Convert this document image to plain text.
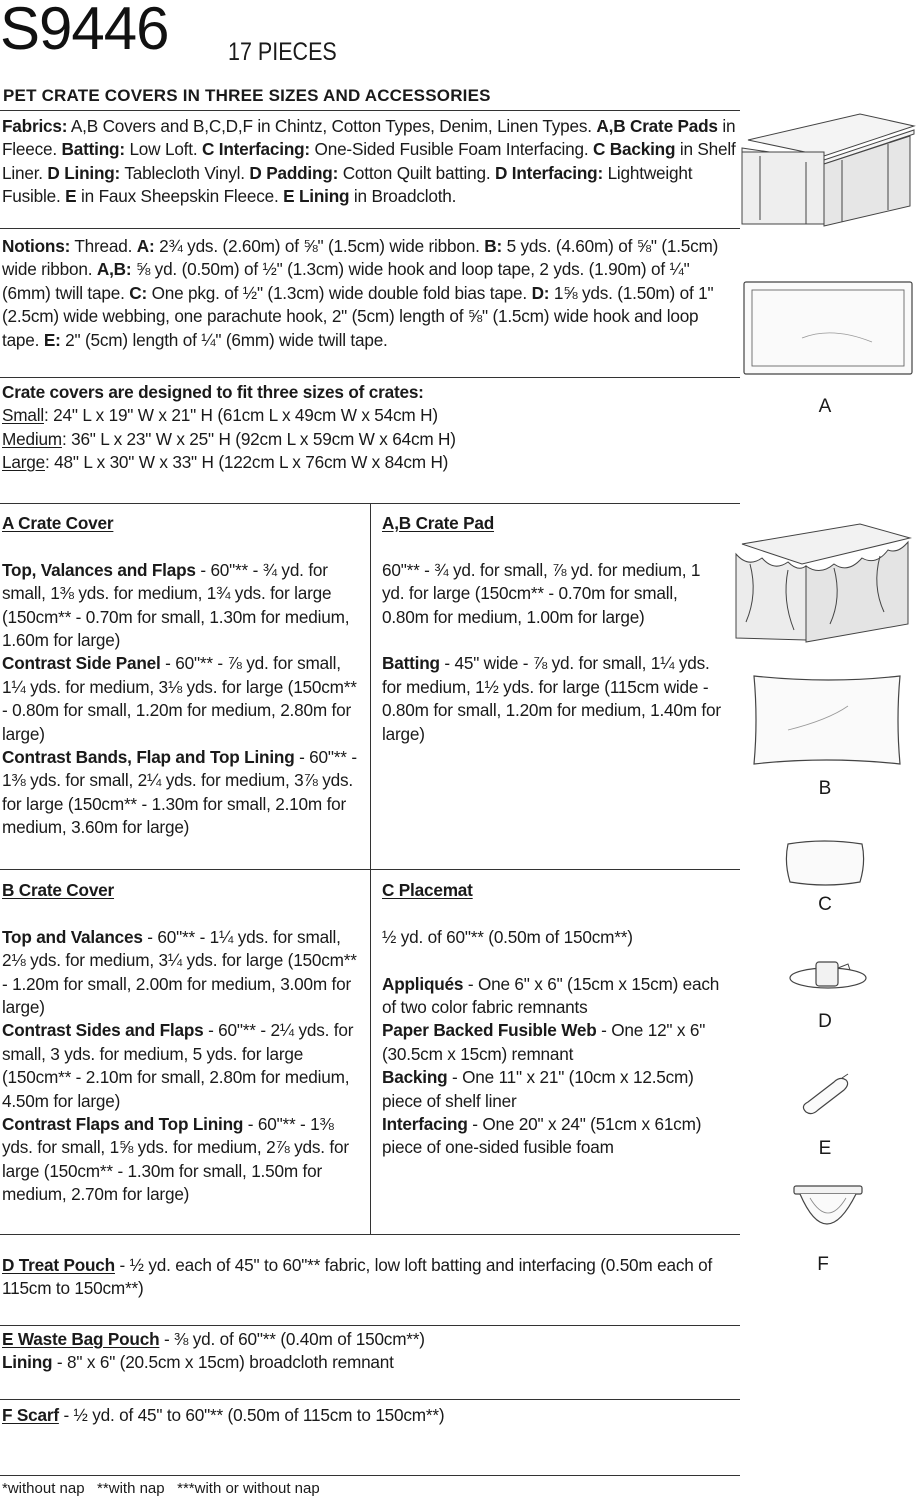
S9446 17 PIECES
PET CRATE COVERS IN THREE SIZES AND ACCESSORIES

Fabrics: A,B Covers and B,C,D,F in Chintz, Cotton Types, Denim, Linen Types. A,B Crate Pads in Fleece. Batting: Low Loft. C Interfacing: One-Sided Fusible Foam Interfacing. C Backing in Shelf Liner. D Lining: Tablecloth Vinyl. D Padding: Cotton Quilt batting. D Interfacing: Lightweight Fusible. E in Faux Sheepskin Fleece. E Lining in Broadcloth.

Notions: Thread. A: 2¾ yds. (2.60m) of ⅝" (1.5cm) wide ribbon. B: 5 yds. (4.60m) of ⅝" (1.5cm) wide ribbon. A,B: ⅝ yd. (0.50m) of ½" (1.3cm) wide hook and loop tape, 2 yds. (1.90m) of ¼" (6mm) twill tape. C: One pkg. of ½" (1.3cm) wide double fold bias tape. D: 1⅝ yds. (1.50m) of 1" (2.5cm) wide webbing, one parachute hook, 2" (5cm) length of ⅝" (1.5cm) wide hook and loop tape. E: 2" (5cm) length of ¼" (6mm) wide twill tape.

Crate covers are designed to fit three sizes of crates:
Small: 24" L x 19" W x 21" H (61cm L x 49cm W x 54cm H)
Medium: 36" L x 23" W x 25" H (92cm L x 59cm W x 64cm H)
Large: 48" L x 30" W x 33" H (122cm L x 76cm W x 84cm H)
A Crate Cover
Top, Valances and Flaps - 60"** - ¾ yd. for small, 1⅜ yds. for medium, 1¾ yds. for large (150cm** - 0.70m for small, 1.30m for medium, 1.60m for large)
Contrast Side Panel - 60"** - ⅞ yd. for small, 1¼ yds. for medium, 3⅛ yds. for large (150cm** - 0.80m for small, 1.20m for medium, 2.80m for large)
Contrast Bands, Flap and Top Lining - 60"** - 1⅜ yds. for small, 2¼ yds. for medium, 3⅞ yds. for large (150cm** - 1.30m for small, 2.10m for medium, 3.60m for large)
A,B Crate Pad
60"** - ¾ yd. for small, ⅞ yd. for medium, 1 yd. for large (150cm** - 0.70m for small, 0.80m for medium, 1.00m for large)
Batting - 45" wide - ⅞ yd. for small, 1¼ yds. for medium, 1½ yds. for large (115cm wide - 0.80m for small, 1.20m for medium, 1.40m for large)
B Crate Cover
Top and Valances - 60"** - 1¼ yds. for small, 2⅛ yds. for medium, 3¼ yds. for large (150cm** - 1.20m for small, 2.00m for medium, 3.00m for large)
Contrast Sides and Flaps - 60"** - 2¼ yds. for small, 3 yds. for medium, 5 yds. for large (150cm** - 2.10m for small, 2.80m for medium, 4.50m for large)
Contrast Flaps and Top Lining - 60"** - 1⅜ yds. for small, 1⅝ yds. for medium, 2⅞ yds. for large (150cm** - 1.30m for small, 1.50m for medium, 2.70m for large)
C Placemat
½ yd. of 60"** (0.50m of 150cm**)
Appliqués - One 6" x 6" (15cm x 15cm) each of two color fabric remnants
Paper Backed Fusible Web - One 12" x 6" (30.5cm x 15cm) remnant
Backing - One 11" x 21" (10cm x 12.5cm) piece of shelf liner
Interfacing - One 20" x 24" (51cm x 61cm) piece of one-sided fusible foam
D Treat Pouch - ½ yd. each of 45" to 60"** fabric, low loft batting and interfacing (0.50m each of 115cm to 150cm**)
E Waste Bag Pouch - ⅜ yd. of 60"** (0.40m of 150cm**)
Lining - 8" x 6" (20.5cm x 15cm) broadcloth remnant
F Scarf - ½ yd. of 45" to 60"** (0.50m of 115cm to 150cm**)
*without nap   **with nap   ***with or without nap
A
B
C
D
E
F
